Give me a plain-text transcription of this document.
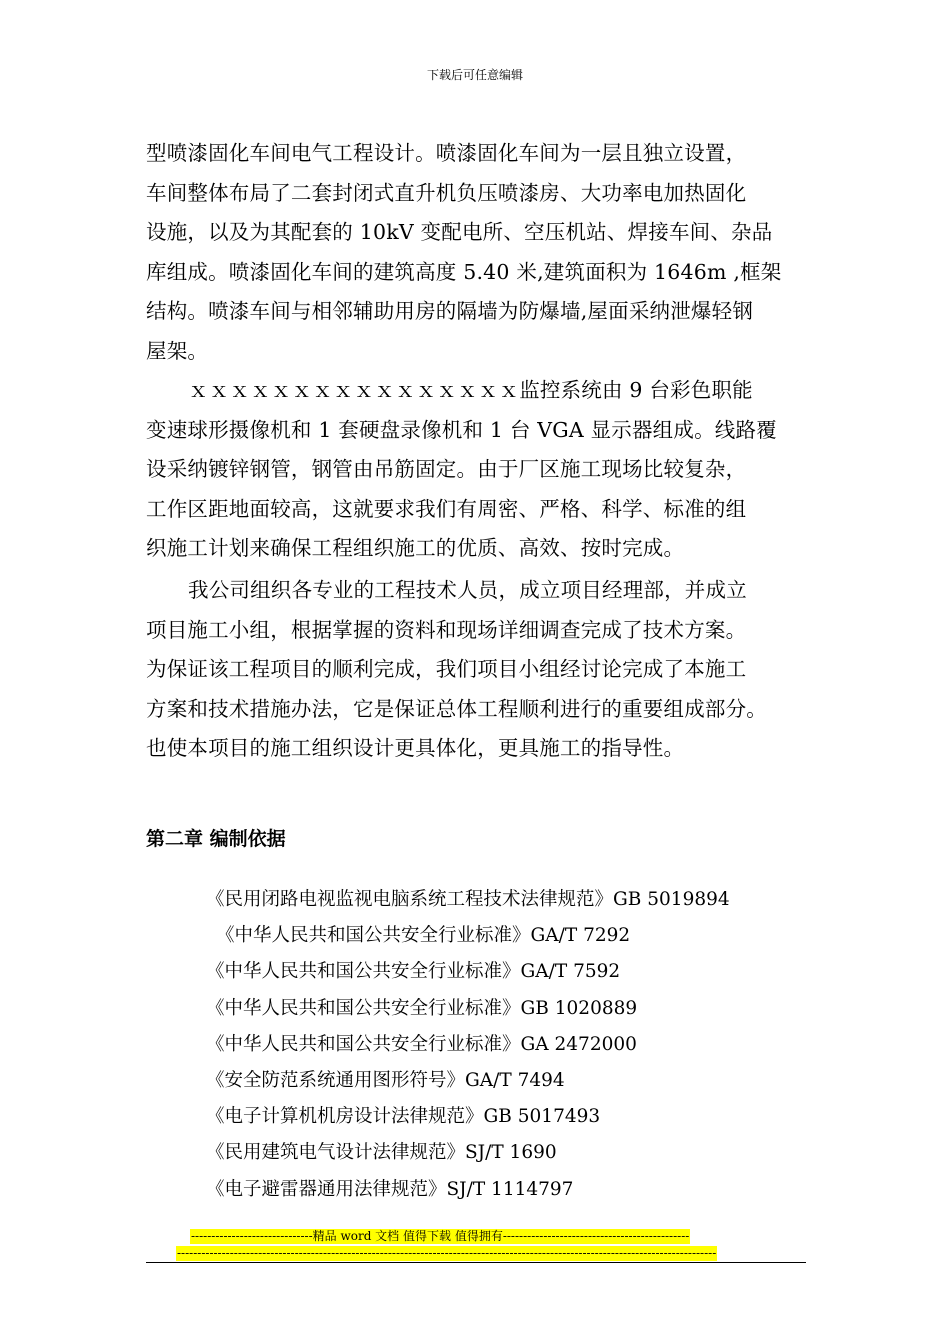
下载后可任意编辑
型喷漆固化车间电气工程设计。喷漆固化车间为一层且独立设置，
车间整体布局了二套封闭式直升机负压喷漆房、大功率电加热固化
设施，以及为其配套的 10kV 变配电所、空压机站、焊接车间、杂品
库组成。喷漆固化车间的建筑高度 5.40 米,建筑面积为 1646m ,框架
结构。喷漆车间与相邻辅助用房的隔墙为防爆墙,屋面采纳泄爆轻钢
屋架。
ｘｘｘｘｘｘｘｘｘｘｘｘｘｘｘｘ监控系统由 9 台彩色职能
变速球形摄像机和 1 套硬盘录像机和 1 台 VGA 显示器组成。线路覆
设采纳镀锌钢管，钢管由吊筋固定。由于厂区施工现场比较复杂，
工作区距地面较高，这就要求我们有周密、严格、科学、标准的组
织施工计划来确保工程组织施工的优质、高效、按时完成。
我公司组织各专业的工程技术人员，成立项目经理部，并成立
项目施工小组，根据掌握的资料和现场详细调查完成了技术方案。
为保证该工程项目的顺利完成，我们项目小组经讨论完成了本施工
方案和技术措施办法，它是保证总体工程顺利进行的重要组成部分。
也使本项目的施工组织设计更具体化，更具施工的指导性。
第二章 编制依据
《民用闭路电视监视电脑系统工程技术法律规范》GB 5019894
《中华人民共和国公共安全行业标准》GA/T 7292
《中华人民共和国公共安全行业标准》GA/T 7592
《中华人民共和国公共安全行业标准》GB 1020889
《中华人民共和国公共安全行业标准》GA 2472000
《安全防范系统通用图形符号》GA/T 7494
《电子计算机机房设计法律规范》GB 5017493
《民用建筑电气设计法律规范》SJ/T 1690
《电子避雷器通用法律规范》SJ/T 1114797
------------------------------精品 word 文档 值得下载 值得拥有----------------------------------------------
-------------------------------------------------------------------------------------------------------------------------------------
